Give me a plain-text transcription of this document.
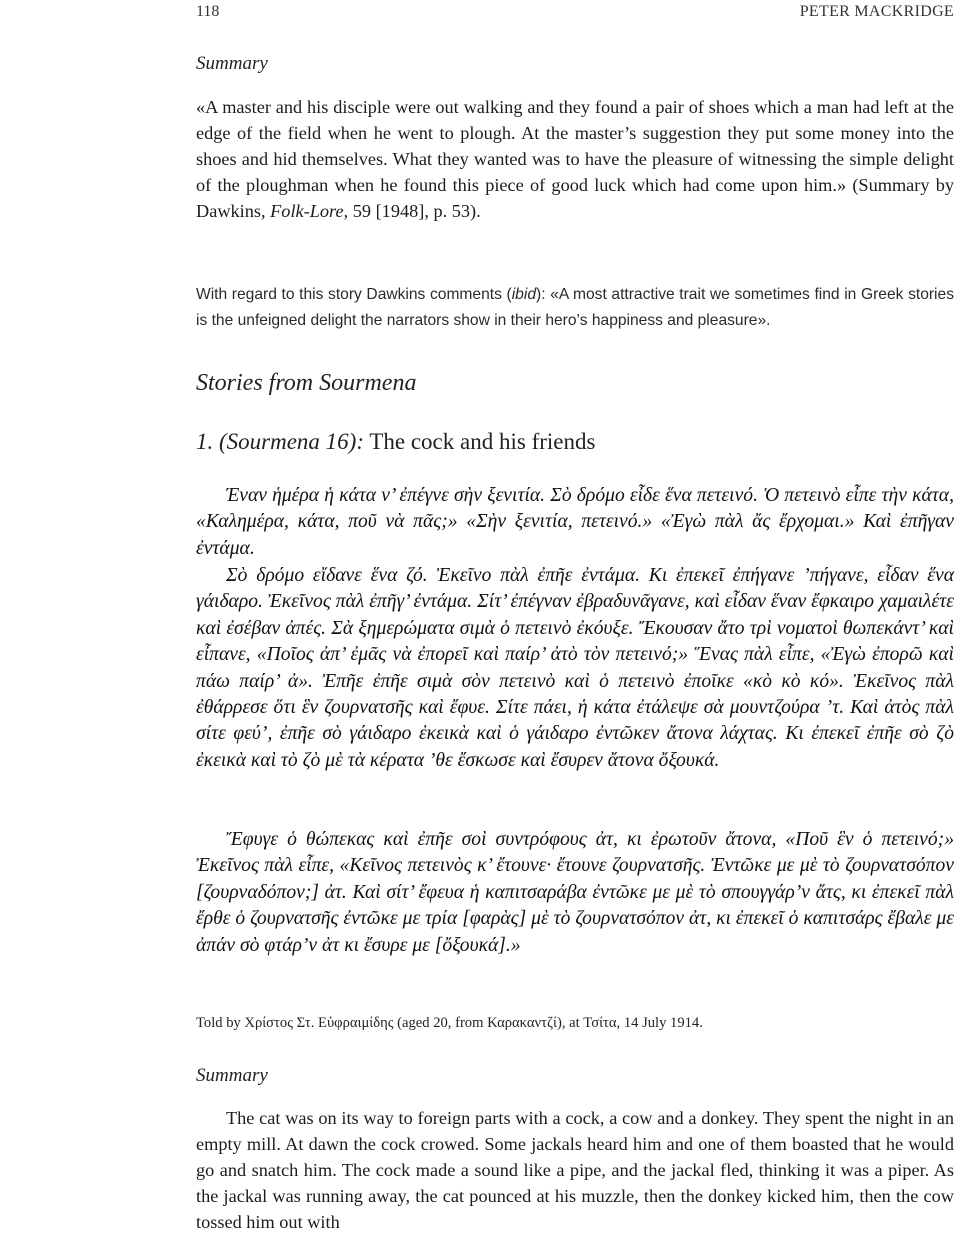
118	PETER MACKRIDGE
Summary

«A master and his disciple were out walking and they found a pair of shoes which a man had left at the edge of the field when he went to plough. At the master’s suggestion they put some money into the shoes and hid themselves. What they wanted was to have the pleasure of witnessing the simple delight of the ploughman when he found this piece of good luck which had come upon him.» (Summary by Dawkins, Folk-Lore, 59 [1948], p. 53).

With regard to this story Dawkins comments (ibid): «A most attractive trait we sometimes find in Greek stories is the unfeigned delight the narrators show in their hero’s happiness and pleasure».

Stories from Sourmena
1. (Sourmena 16): The cock and his friends

Έναν ἡμέρα ἡ κάτα ν’ ἐπέγνε σὴν ξενιτία. Σὸ δρόμο εἶδε ἕνα πετεινό. Ὁ πετεινὸ εἶπε τὴν κάτα, «Καλημέρα, κάτα, ποῦ νὰ πᾶς;» «Σὴν ξενιτία, πετεινό.» «Ἐγὼ πὰλ ἄς ἔρχομαι.» Καὶ ἐπῆγαν ἐντάμα.

Σὸ δρόμο εἴδανε ἕνα ζό. Ἐκεῖνο πὰλ ἐπῆε ἐντάμα. Κι ἐπεκεῖ ἐπήγανε ’πήγανε, εἶδαν ἕνα γάιδαρο. Ἐκεῖνος πὰλ ἐπῆγ’ ἐντάμα. Σίτ’ ἐπέγναν ἐβραδυνᾶγανε, καὶ εἶδαν ἕναν ἔφκαιρο χαμαιλέτε καὶ ἐσέβαν ἀπές. Σὰ ξημερώματα σιμὰ ὁ πετεινὸ ἐκόυξε. Ἔκουσαν ἄτο τρὶ νοματοὶ θωπεκάντ’ καὶ εἶπανε, «Ποῖος ἀπ’ ἐμᾶς νὰ ἐπορεῖ καὶ παίρ’ ἀτὸ τὸν πετεινό;» Ἕνας πὰλ εἶπε, «Ἐγὼ ἐπορῶ καὶ πάω παίρ’ ἀ». Ἐπῆε ἐπῆε σιμὰ σὸν πετεινὸ καὶ ὁ πετεινὸ ἐποῖκε «κὸ κὸ κό». Ἐκεῖνος πὰλ ἐθάρρεσε ὅτι ἓν ζουρνατσῆς καὶ ἔφυε. Σίτε πάει, ἡ κάτα ἐτάλεψε σὰ μουντζούρα ’τ. Καὶ ἀτὸς πὰλ σίτε φεύ’, ἐπῆε σὸ γάιδαρο ἐκεικὰ καὶ ὁ γάιδαρο ἐντῶκεν ἄτονα λάχτας. Κι ἐπεκεῖ ἐπῆε σὸ ζὸ ἐκεικὰ καὶ τὸ ζὸ μὲ τὰ κέρατα ’θε ἔσκωσε καὶ ἔσυρεν ἄτονα ὄξουκά.

Ἔφυγε ὁ θώπεκας καὶ ἐπῆε σοὶ συντρόφους ἀτ, κι ἐρωτοῦν ἄτονα, «Ποῦ ἓν ὁ πετεινό;» Ἐκεῖνος πὰλ εἶπε, «Κεῖνος πετεινὸς κ’ ἔτουνε· ἔτουνε ζουρνατσῆς. Ἐντῶκε με μὲ τὸ ζουρνατσόπον [ζουρναδόπον;] ἀτ. Καὶ σίτ’ ἔφευα ἡ καπιτσαράβα ἐντῶκε με μὲ τὸ σπουγγάρ’ν ἄτς, κι ἐπεκεῖ πὰλ ἔρθε ὁ ζουρνατσῆς ἐντῶκε με τρία [φαρὰς] μὲ τὸ ζουρνατσόπον ἀτ, κι ἐπεκεῖ ὁ καπιτσάρς ἔβαλε με ἀπάν σὸ φτάρ’ν ἀτ κι ἔσυρε με [ὄξουκά].»

Told by Χρίστος Στ. Εὐφραιμίδης (aged 20, from Καρακαντζί), at Τσίτα, 14 July 1914.
Summary

The cat was on its way to foreign parts with a cock, a cow and a donkey. They spent the night in an empty mill. At dawn the cock crowed. Some jackals heard him and one of them boasted that he would go and snatch him. The cock made a sound like a pipe, and the jackal fled, thinking it was a piper. As the jackal was running away, the cat pounced at his muzzle, then the donkey kicked him, then the cow tossed him out with
